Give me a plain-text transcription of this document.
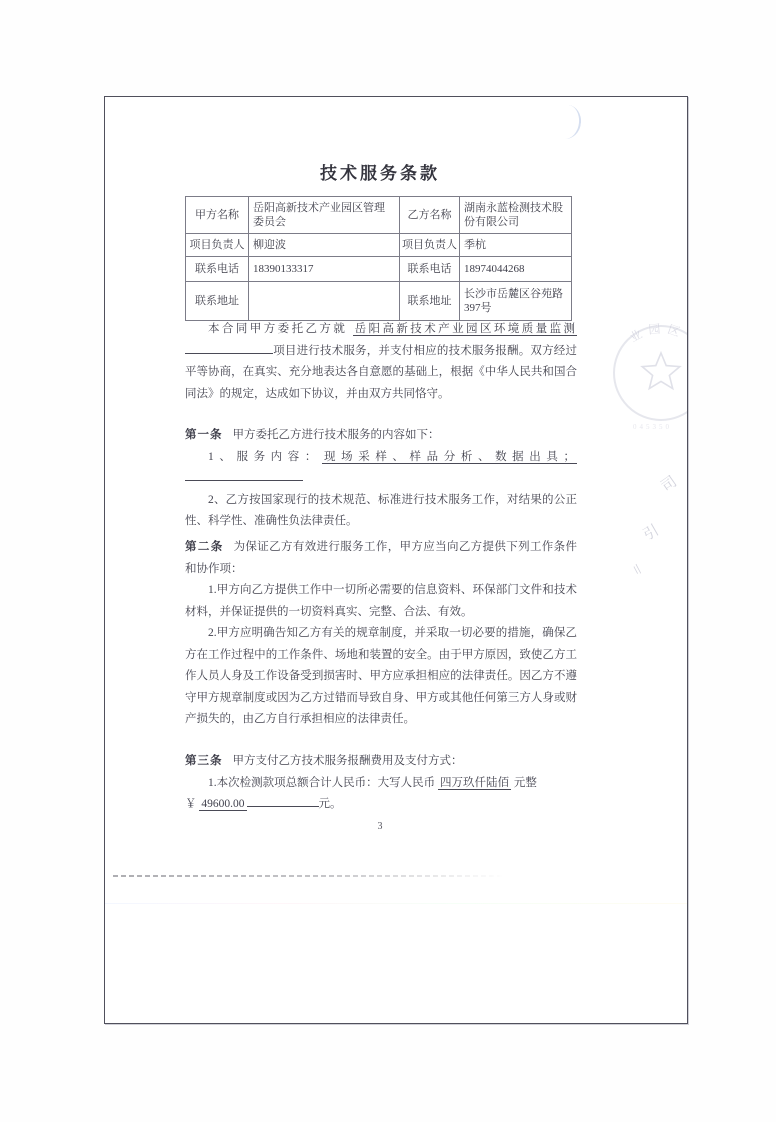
技术服务条款
甲方名称	岳阳高新技术产业园区管理委员会	乙方名称	湖南永蓝检测技术股份有限公司
项目负责人	柳迎波	项目负责人	季杭
联系电话	18390133317	联系电话	18974044268
联系地址		联系地址	长沙市岳麓区谷苑路 397号

本合同甲方委托乙方就 岳阳高新技术产业园区环境质量监测项目进行技术服务，并支付相应的技术服务报酬。双方经过平等协商，在真实、充分地表达各自意愿的基础上，根据《中华人民共和国合同法》的规定，达成如下协议，并由双方共同恪守。

第一条 甲方委托乙方进行技术服务的内容如下：

1、服务内容： 现场采样、样品分析、数据出具；

2、乙方按国家现行的技术规范、标准进行技术服务工作，对结果的公正性、科学性、准确性负法律责任。

第二条 为保证乙方有效进行服务工作，甲方应当向乙方提供下列工作条件和协作项：

1.甲方向乙方提供工作中一切所必需要的信息资料、环保部门文件和技术材料，并保证提供的一切资料真实、完整、合法、有效。

2.甲方应明确告知乙方有关的规章制度，并采取一切必要的措施，确保乙方在工作过程中的工作条件、场地和装置的安全。由于甲方原因，致使乙方工作人员人身及工作设备受到损害时、甲方应承担相应的法律责任。因乙方不遵守甲方规章制度或因为乙方过错而导致自身、甲方或其他任何第三方人身或财产损失的，由乙方自行承担相应的法律责任。

第三条 甲方支付乙方技术服务报酬费用及支付方式：

1.本次检测款项总额合计人民币：大写人民币 四万玖仟陆佰 元整

￥ 49600.00	元。

3
业园区
045350
司
引
〢
